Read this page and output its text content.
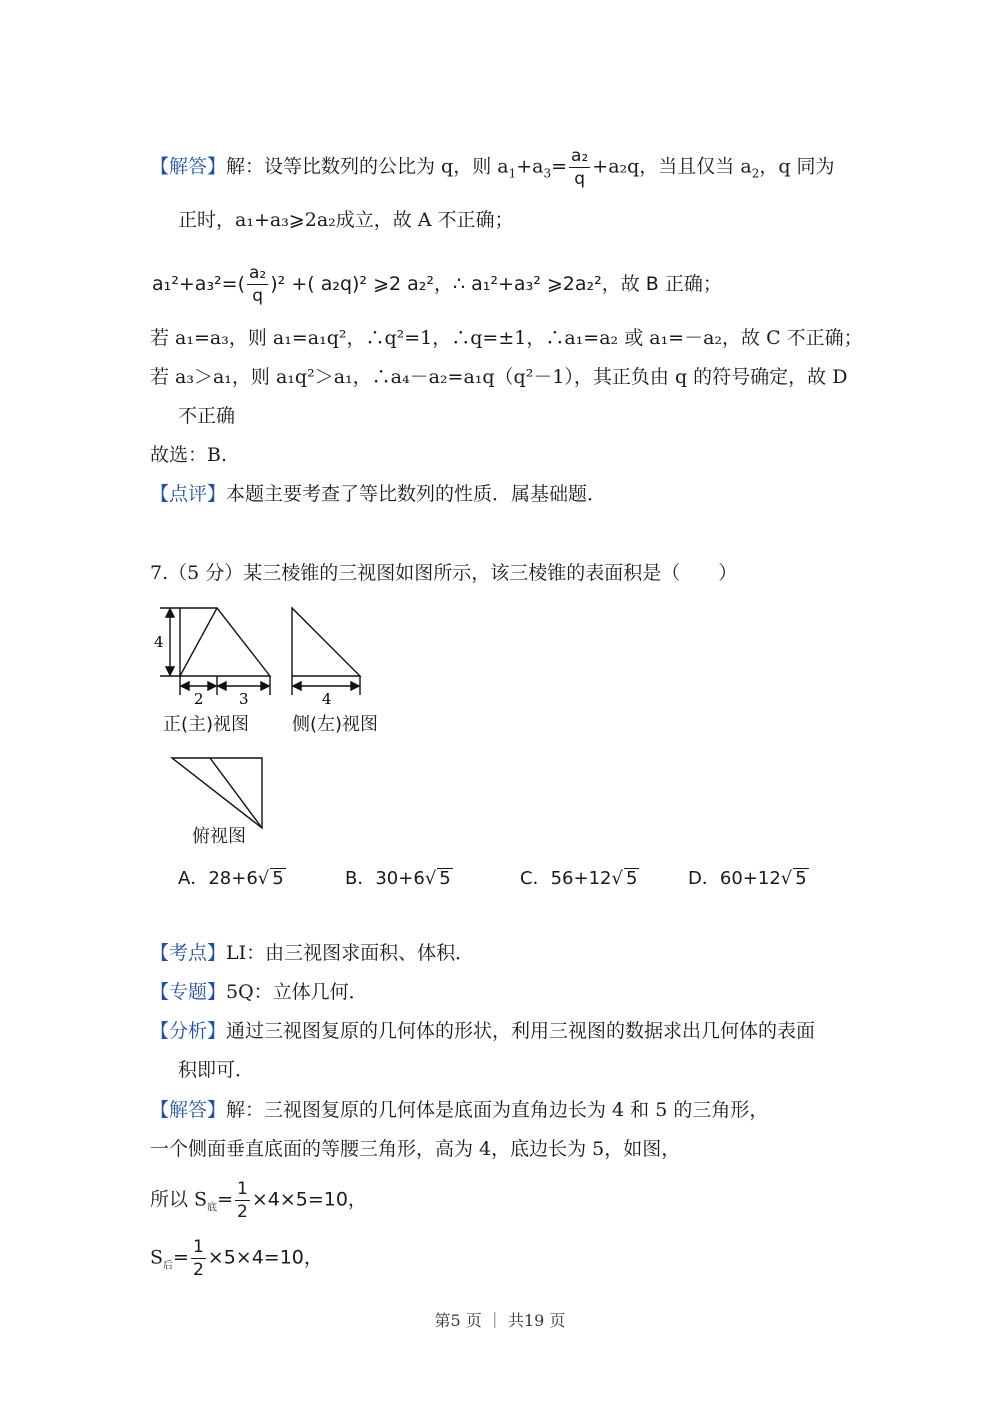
【解答】解：设等比数列的公比为 q，则 $a_1+a_3= \frac{\text{a₂}}{q} +a_2q$，当且仅当 $a_2$，q 同为
正时，a₁+a₃⩾2a₂成立，故 A 不正确；
$a_1^2+a_3^2=( \frac{\text{a₂}}{q} )^2$ +( a₂q)² ⩾2 a₂²，∴ a₁²+a₃² ⩾2a₂²，故 B 正确；
若 a₁=a₃，则 a₁=a₁q²，∴q²=1，∴q=±1，∴a₁=a₂ 或 a₁=－a₂，故 C 不正确；
若 a₃＞a₁，则 a₁q²＞a₁，∴a₄－a₂=a₁q（q²－1），其正负由 q 的符号确定，故 D
不正确
故选：B.
【点评】本题主要考查了等比数列的性质．属基础题．
7.（5 分）某三棱锥的三视图如图所示，该三棱锥的表面积是（　　）
4
2 3	4
正(主)视图 侧(左)视图
俯视图
A．28+6√ 5	B．30+6√ 5	C．56+12√ 5	D．60+12√ 5
【考点】LI：由三视图求面积、体积．
【专题】5Q：立体几何．
【分析】通过三视图复原的几何体的形状，利用三视图的数据求出几何体的表面
积即可．
【解答】解：三视图复原的几何体是底面为直角边长为 4 和 5 的三角形，
一个侧面垂直底面的等腰三角形，高为 4，底边长为 5，如图，
所以 $S_底= \frac{1}{2} \times 4\times 5=10$，
$S_后= \frac{1}{2} \times 5\times 4=10$，
第5 页 ｜ 共19 页
